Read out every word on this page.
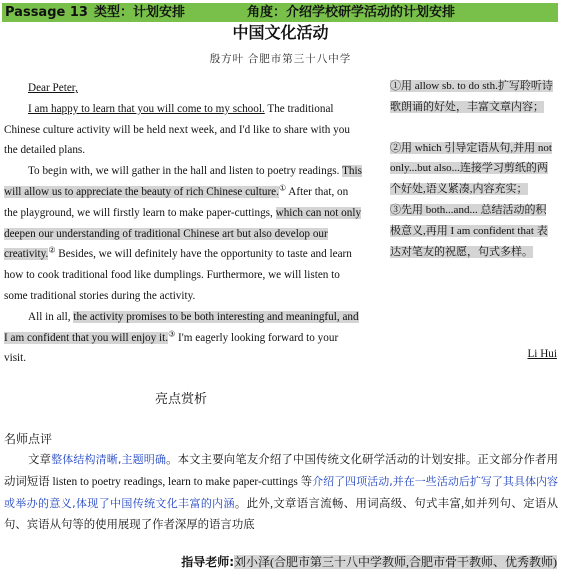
Passage 13 类型：计划安排	角度：介绍学校研学活动的计划安排
中国文化活动
殷方叶 合肥市第三十八中学

Dear Peter,

I am happy to learn that you will come to my school. The traditional Chinese culture activity will be held next week, and I'd like to share with you the detailed plans.

To begin with, we will gather in the hall and listen to poetry readings. This will allow us to appreciate the beauty of rich Chinese culture.① After that, on the playground, we will firstly learn to make paper-cuttings, which can not only deepen our understanding of traditional Chinese art but also develop our creativity.② Besides, we will definitely have the opportunity to taste and learn how to cook traditional food like dumplings. Furthermore, we will listen to some traditional stories during the activity.

All in all, the activity promises to be both interesting and meaningful, and I am confident that you will enjoy it.③ I'm eagerly looking forward to your visit.	Li Hui

①用 allow sb. to do sth.扩写聆听诗歌朗诵的好处，丰富文章内容；

②用 which 引导定语从句,并用 not only...but also...连接学习剪纸的两个好处,语义紧凑,内容充实；

③先用 both...and... 总结活动的积极意义,再用 I am confident that 表达对笔友的祝愿，句式多样。

亮点赏析
名师点评

文章整体结构清晰,主题明确。本文主要向笔友介绍了中国传统文化研学活动的计划安排。正文部分作者用动词短语 listen to poetry readings, learn to make paper-cuttings 等介绍了四项活动,并在一些活动后扩写了其具体内容或举办的意义,体现了中国传统文化丰富的内涵。此外,文章语言流畅、用词高级、句式丰富,如并列句、定语从句、宾语从句等的使用展现了作者深厚的语言功底

指导老师:刘小泽(合肥市第三十八中学教师,合肥市骨干教师、优秀教师)
